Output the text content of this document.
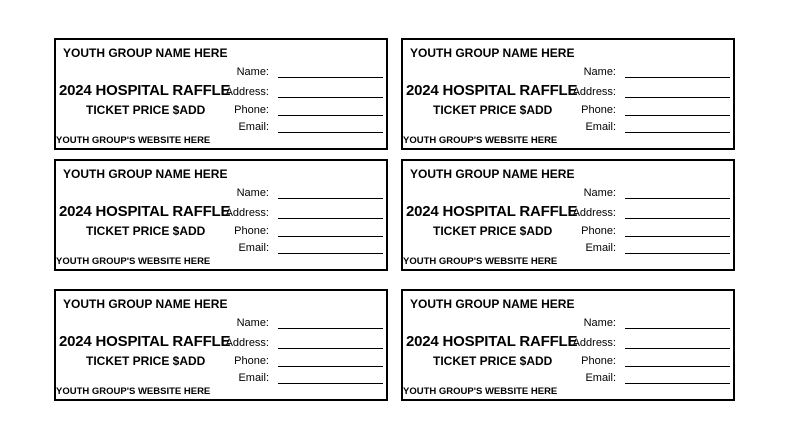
YOUTH GROUP NAME HERE
2024 HOSPITAL RAFFLE
TICKET PRICE $ADD
YOUTH GROUP'S WEBSITE HERE
Name:
Address:
Phone:
Email:
YOUTH GROUP NAME HERE
2024 HOSPITAL RAFFLE
TICKET PRICE $ADD
YOUTH GROUP'S WEBSITE HERE
Name:
Address:
Phone:
Email:
YOUTH GROUP NAME HERE
2024 HOSPITAL RAFFLE
TICKET PRICE $ADD
YOUTH GROUP'S WEBSITE HERE
Name:
Address:
Phone:
Email:
YOUTH GROUP NAME HERE
2024 HOSPITAL RAFFLE
TICKET PRICE $ADD
YOUTH GROUP'S WEBSITE HERE
Name:
Address:
Phone:
Email:
YOUTH GROUP NAME HERE
2024 HOSPITAL RAFFLE
TICKET PRICE $ADD
YOUTH GROUP'S WEBSITE HERE
Name:
Address:
Phone:
Email:
YOUTH GROUP NAME HERE
2024 HOSPITAL RAFFLE
TICKET PRICE $ADD
YOUTH GROUP'S WEBSITE HERE
Name:
Address:
Phone:
Email:
